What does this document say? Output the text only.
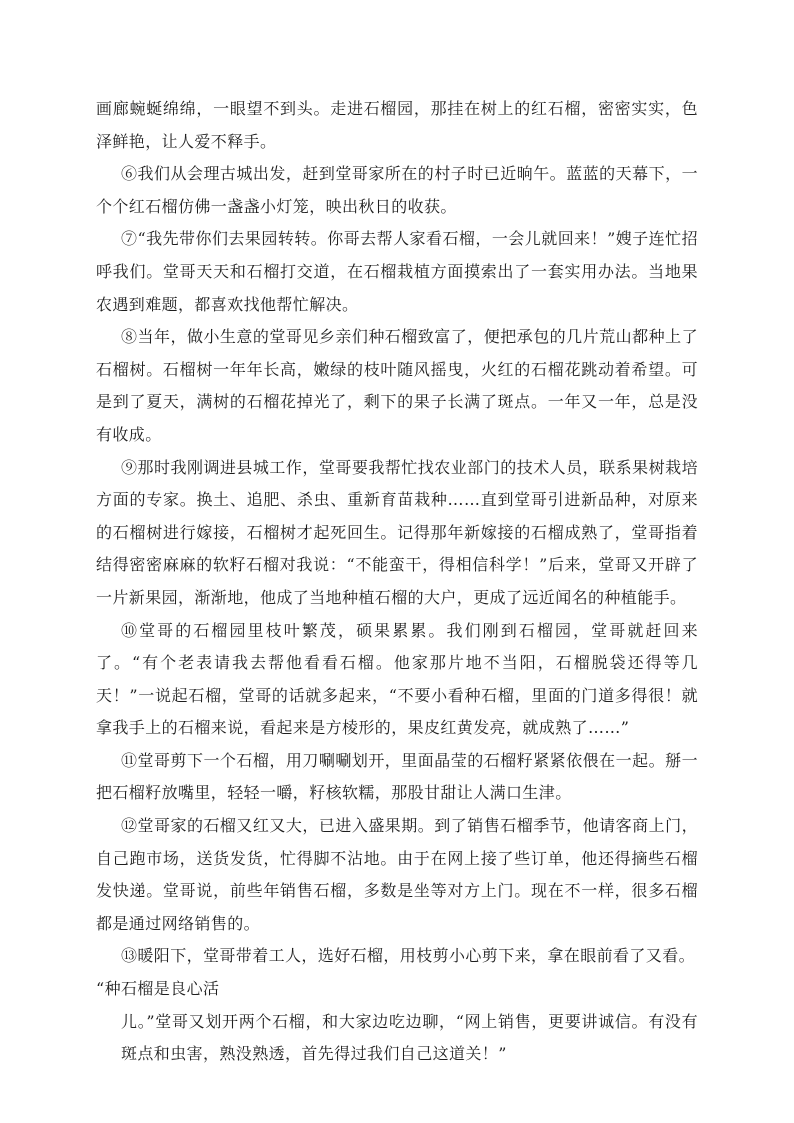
画廊蜿蜒绵绵，一眼望不到头。走进石榴园，那挂在树上的红石榴，密密实实，色泽鲜艳，让人爱不释手。

⑥我们从会理古城出发，赶到堂哥家所在的村子时已近晌午。蓝蓝的天幕下，一个个红石榴仿佛一盏盏小灯笼，映出秋日的收获。

⑦“我先带你们去果园转转。你哥去帮人家看石榴，一会儿就回来！”嫂子连忙招呼我们。堂哥天天和石榴打交道，在石榴栽植方面摸索出了一套实用办法。当地果农遇到难题，都喜欢找他帮忙解决。

⑧当年，做小生意的堂哥见乡亲们种石榴致富了，便把承包的几片荒山都种上了石榴树。石榴树一年年长高，嫩绿的枝叶随风摇曳，火红的石榴花跳动着希望。可是到了夏天，满树的石榴花掉光了，剩下的果子长满了斑点。一年又一年，总是没有收成。

⑨那时我刚调进县城工作，堂哥要我帮忙找农业部门的技术人员，联系果树栽培方面的专家。换土、追肥、杀虫、重新育苗栽种……直到堂哥引进新品种，对原来的石榴树进行嫁接，石榴树才起死回生。记得那年新嫁接的石榴成熟了，堂哥指着结得密密麻麻的软籽石榴对我说：“不能蛮干，得相信科学！”后来，堂哥又开辟了一片新果园，渐渐地，他成了当地种植石榴的大户，更成了远近闻名的种植能手。

⑩堂哥的石榴园里枝叶繁茂，硕果累累。我们刚到石榴园，堂哥就赶回来了。“有个老表请我去帮他看看石榴。他家那片地不当阳，石榴脱袋还得等几天！”一说起石榴，堂哥的话就多起来，“不要小看种石榴，里面的门道多得很！就拿我手上的石榴来说，看起来是方棱形的，果皮红黄发亮，就成熟了……”

⑪堂哥剪下一个石榴，用刀唰唰划开，里面晶莹的石榴籽紧紧依偎在一起。掰一把石榴籽放嘴里，轻轻一嚼，籽核软糯，那股甘甜让人满口生津。

⑫堂哥家的石榴又红又大，已进入盛果期。到了销售石榴季节，他请客商上门，自己跑市场，送货发货，忙得脚不沾地。由于在网上接了些订单，他还得摘些石榴发快递。堂哥说，前些年销售石榴，多数是坐等对方上门。现在不一样，很多石榴都是通过网络销售的。

⑬暖阳下，堂哥带着工人，选好石榴，用枝剪小心剪下来，拿在眼前看了又看。

“种石榴是良心活

儿。”堂哥又划开两个石榴，和大家边吃边聊，“网上销售，更要讲诚信。有没有斑点和虫害，熟没熟透，首先得过我们自己这道关！”
